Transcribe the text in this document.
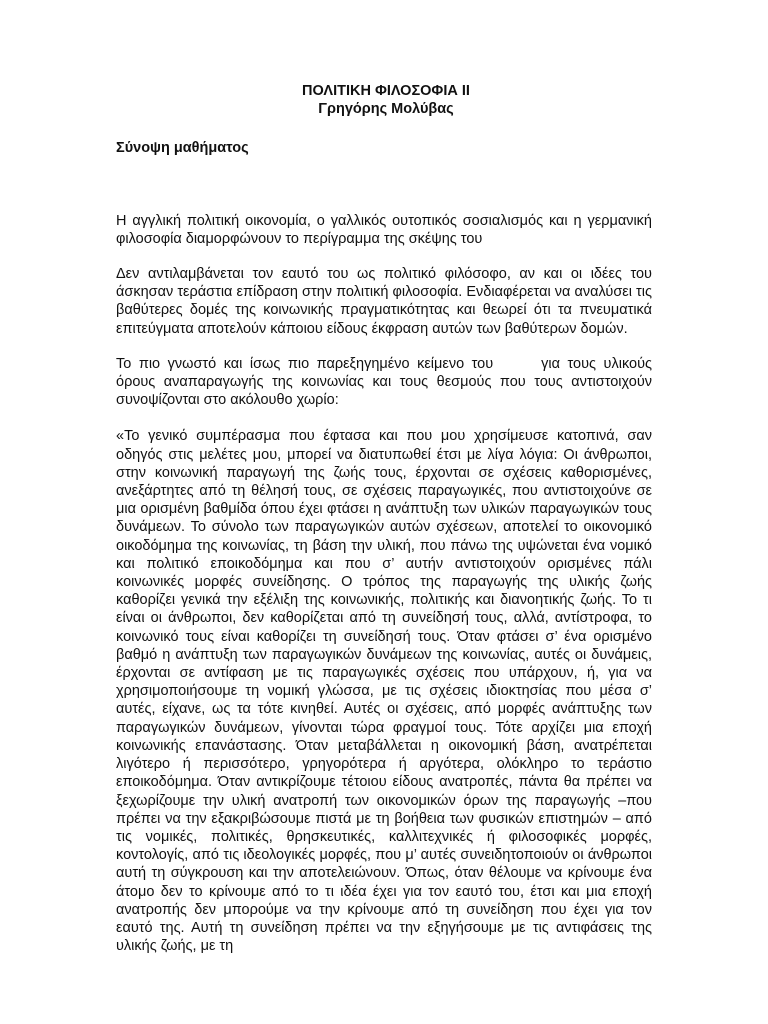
ΠΟΛΙΤΙΚΗ ΦΙΛΟΣΟΦΙΑ ΙΙ
Γρηγόρης Μολύβας
Σύνοψη μαθήματος

Η αγγλική πολιτική οικονομία, ο γαλλικός ουτοπικός σοσιαλισμός και η γερμανική φιλοσοφία διαμορφώνουν το περίγραμμα της σκέψης του

Δεν αντιλαμβάνεται τον εαυτό του ως πολιτικό φιλόσοφο, αν και οι ιδέες του άσκησαν τεράστια επίδραση στην πολιτική φιλοσοφία. Ενδιαφέρεται να αναλύσει τις βαθύτερες δομές της κοινωνικής πραγματικότητας και θεωρεί ότι τα πνευματικά επιτεύγματα αποτελούν κάποιου είδους έκφραση αυτών των βαθύτερων δομών.

Το πιο γνωστό και ίσως πιο παρεξηγημένο κείμενο του	για τους υλικούς όρους αναπαραγωγής της κοινωνίας και τους θεσμούς που τους αντιστοιχούν συνοψίζονται στο ακόλουθο χωρίο:

«Το γενικό συμπέρασμα που έφτασα και που μου χρησίμευσε κατοπινά, σαν οδηγός στις μελέτες μου, μπορεί να διατυπωθεί έτσι με λίγα λόγια: Οι άνθρωποι, στην κοινωνική παραγωγή της ζωής τους, έρχονται σε σχέσεις καθορισμένες, ανεξάρτητες από τη θέλησή τους, σε σχέσεις παραγωγικές, που αντιστοιχούνε σε μια ορισμένη βαθμίδα όπου έχει φτάσει η ανάπτυξη των υλικών παραγωγικών τους δυνάμεων. Το σύνολο των παραγωγικών αυτών σχέσεων, αποτελεί το οικονομικό οικοδόμημα της κοινωνίας, τη βάση την υλική, που πάνω της υψώνεται ένα νομικό και πολιτικό εποικοδόμημα και που σ’ αυτήν αντιστοιχούν ορισμένες πάλι κοινωνικές μορφές συνείδησης. Ο τρόπος της παραγωγής της υλικής ζωής καθορίζει γενικά την εξέλιξη της κοινωνικής, πολιτικής και διανοητικής ζωής. Το τι είναι οι άνθρωποι, δεν καθορίζεται από τη συνείδησή τους, αλλά, αντίστροφα, το κοινωνικό τους είναι καθορίζει τη συνείδησή τους. Όταν φτάσει σ’ ένα ορισμένο βαθμό η ανάπτυξη των παραγωγικών δυνάμεων της κοινωνίας, αυτές οι δυνάμεις, έρχονται σε αντίφαση με τις παραγωγικές σχέσεις που υπάρχουν, ή, για να χρησιμοποιήσουμε τη νομική γλώσσα, με τις σχέσεις ιδιοκτησίας που μέσα σ’ αυτές, είχανε, ως τα τότε κινηθεί. Αυτές οι σχέσεις, από μορφές ανάπτυξης των παραγωγικών δυνάμεων, γίνονται τώρα φραγμοί τους. Τότε αρχίζει μια εποχή κοινωνικής επανάστασης. Όταν μεταβάλλεται η οικονομική βάση, ανατρέπεται λιγότερο ή περισσότερο, γρηγορότερα ή αργότερα, ολόκληρο το τεράστιο εποικοδόμημα. Όταν αντικρίζουμε τέτοιου είδους ανατροπές, πάντα θα πρέπει να ξεχωρίζουμε την υλική ανατροπή των οικονομικών όρων της παραγωγής –που πρέπει να την εξακριβώσουμε πιστά με τη βοήθεια των φυσικών επιστημών – από τις νομικές, πολιτικές, θρησκευτικές, καλλιτεχνικές ή φιλοσοφικές μορφές, κοντολογίς, από τις ιδεολογικές μορφές, που μ’ αυτές συνειδητοποιούν οι άνθρωποι αυτή τη σύγκρουση και την αποτελειώνουν. Όπως, όταν θέλουμε να κρίνουμε ένα άτομο δεν το κρίνουμε από το τι ιδέα έχει για τον εαυτό του, έτσι και μια εποχή ανατροπής δεν μπορούμε να την κρίνουμε από τη συνείδηση που έχει για τον εαυτό της. Αυτή τη συνείδηση πρέπει να την εξηγήσουμε με τις αντιφάσεις της υλικής ζωής, με τη
